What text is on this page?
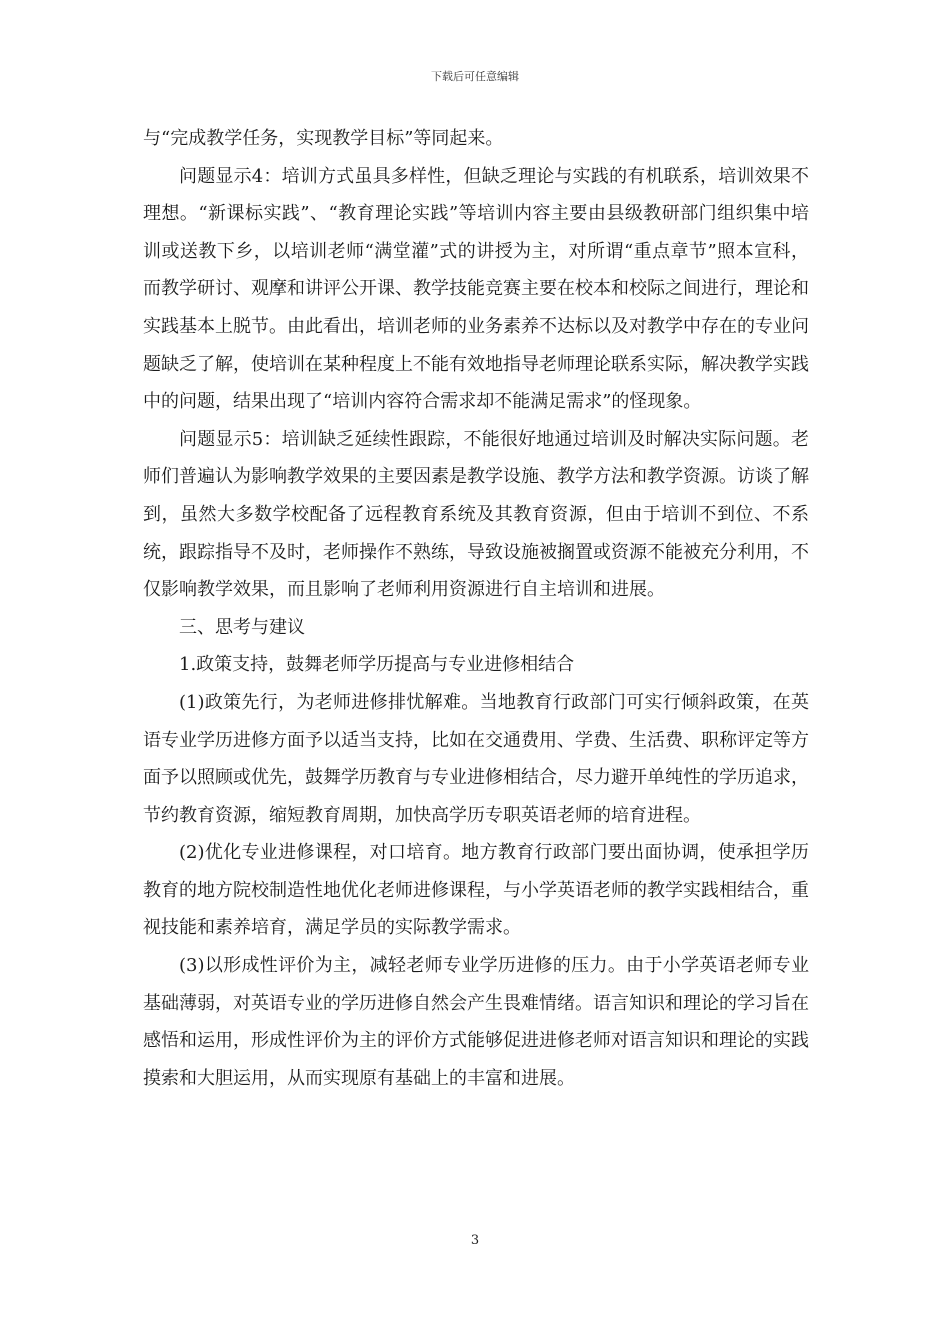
下载后可任意编辑

与“完成教学任务，实现教学目标”等同起来。

问题显示4：培训方式虽具多样性，但缺乏理论与实践的有机联系，培训效果不理想。“新课标实践”、“教育理论实践”等培训内容主要由县级教研部门组织集中培训或送教下乡，以培训老师“满堂灌”式的讲授为主，对所谓“重点章节”照本宣科，而教学研讨、观摩和讲评公开课、教学技能竞赛主要在校本和校际之间进行，理论和实践基本上脱节。由此看出，培训老师的业务素养不达标以及对教学中存在的专业问题缺乏了解，使培训在某种程度上不能有效地指导老师理论联系实际，解决教学实践中的问题，结果出现了“培训内容符合需求却不能满足需求”的怪现象。

问题显示5：培训缺乏延续性跟踪，不能很好地通过培训及时解决实际问题。老师们普遍认为影响教学效果的主要因素是教学设施、教学方法和教学资源。访谈了解到，虽然大多数学校配备了远程教育系统及其教育资源，但由于培训不到位、不系统，跟踪指导不及时，老师操作不熟练，导致设施被搁置或资源不能被充分利用，不仅影响教学效果，而且影响了老师利用资源进行自主培训和进展。

三、思考与建议

1.政策支持，鼓舞老师学历提高与专业进修相结合

(1)政策先行，为老师进修排忧解难。当地教育行政部门可实行倾斜政策，在英语专业学历进修方面予以适当支持，比如在交通费用、学费、生活费、职称评定等方面予以照顾或优先，鼓舞学历教育与专业进修相结合，尽力避开单纯性的学历追求，节约教育资源，缩短教育周期，加快高学历专职英语老师的培育进程。

(2)优化专业进修课程，对口培育。地方教育行政部门要出面协调，使承担学历教育的地方院校制造性地优化老师进修课程，与小学英语老师的教学实践相结合，重视技能和素养培育，满足学员的实际教学需求。

(3)以形成性评价为主，减轻老师专业学历进修的压力。由于小学英语老师专业基础薄弱，对英语专业的学历进修自然会产生畏难情绪。语言知识和理论的学习旨在感悟和运用，形成性评价为主的评价方式能够促进进修老师对语言知识和理论的实践摸索和大胆运用，从而实现原有基础上的丰富和进展。

3
